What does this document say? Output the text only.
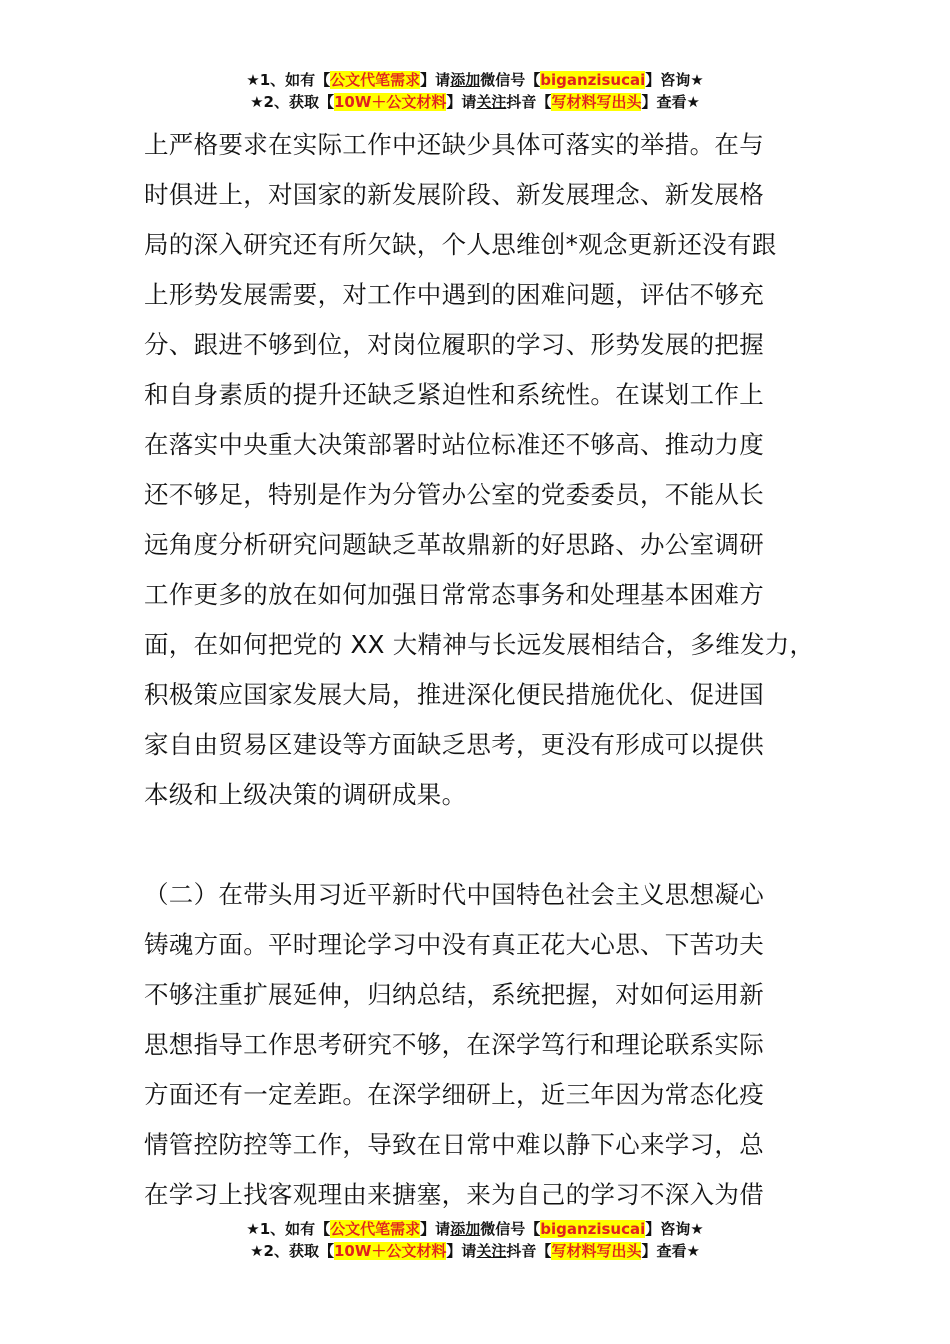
★1、如有【公文代笔需求】请添加微信号【biganzisucai】咨询★
★2、获取【10W＋公文材料】请关注抖音【写材料写出头】查看★
上严格要求在实际工作中还缺少具体可落实的举措。在与
时俱进上，对国家的新发展阶段、新发展理念、新发展格
局的深入研究还有所欠缺，个人思维创*观念更新还没有跟
上形势发展需要，对工作中遇到的困难问题，评估不够充
分、跟进不够到位，对岗位履职的学习、形势发展的把握
和自身素质的提升还缺乏紧迫性和系统性。在谋划工作上
在落实中央重大决策部署时站位标准还不够高、推动力度
还不够足，特别是作为分管办公室的党委委员，不能从长
远角度分析研究问题缺乏革故鼎新的好思路、办公室调研
工作更多的放在如何加强日常常态事务和处理基本困难方
面，在如何把党的 XX 大精神与长远发展相结合，多维发力，
积极策应国家发展大局，推进深化便民措施优化、促进国
家自由贸易区建设等方面缺乏思考，更没有形成可以提供
本级和上级决策的调研成果。
（二）在带头用习近平新时代中国特色社会主义思想凝心
铸魂方面。平时理论学习中没有真正花大心思、下苦功夫
不够注重扩展延伸，归纳总结，系统把握，对如何运用新
思想指导工作思考研究不够，在深学笃行和理论联系实际
方面还有一定差距。在深学细研上，近三年因为常态化疫
情管控防控等工作，导致在日常中难以静下心来学习，总
在学习上找客观理由来搪塞，来为自己的学习不深入为借
★1、如有【公文代笔需求】请添加微信号【biganzisucai】咨询★
★2、获取【10W＋公文材料】请关注抖音【写材料写出头】查看★
